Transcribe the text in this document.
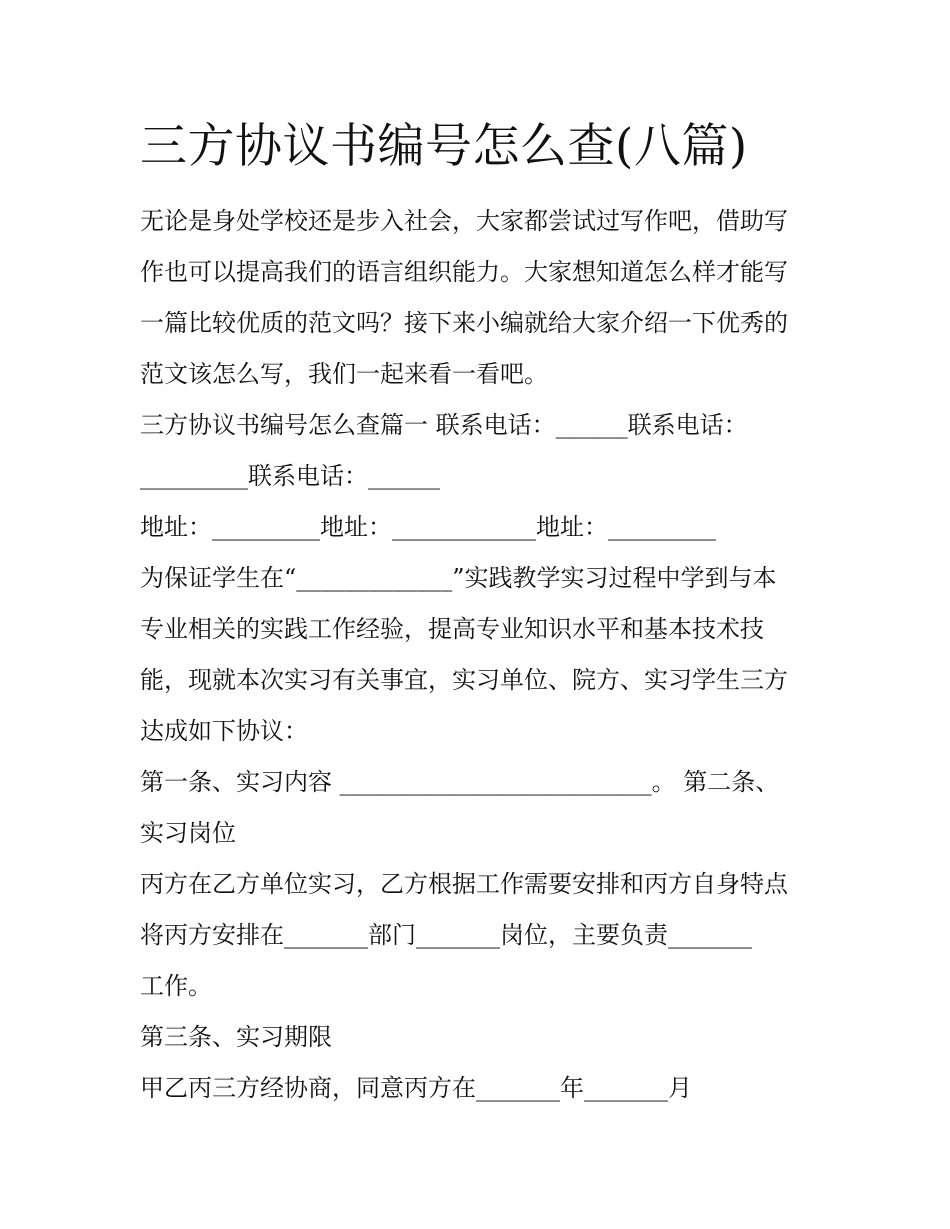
三方协议书编号怎么查(八篇)
无论是身处学校还是步入社会，大家都尝试过写作吧，借助写
作也可以提高我们的语言组织能力。大家想知道怎么样才能写
一篇比较优质的范文吗？接下来小编就给大家介绍一下优秀的
范文该怎么写，我们一起来看一看吧。
三方协议书编号怎么查篇一 联系电话：______联系电话：
_________联系电话：______
地址：_________地址：____________地址：_________
为保证学生在“_____________”实践教学实习过程中学到与本
专业相关的实践工作经验，提高专业知识水平和基本技术技
能，现就本次实习有关事宜，实习单位、院方、实习学生三方
达成如下协议：
第一条、实习内容 __________________________。 第二条、
实习岗位
丙方在乙方单位实习，乙方根据工作需要安排和丙方自身特点
将丙方安排在_______部门_______岗位，主要负责_______
工作。
第三条、实习期限
甲乙丙三方经协商，同意丙方在_______年_______月
